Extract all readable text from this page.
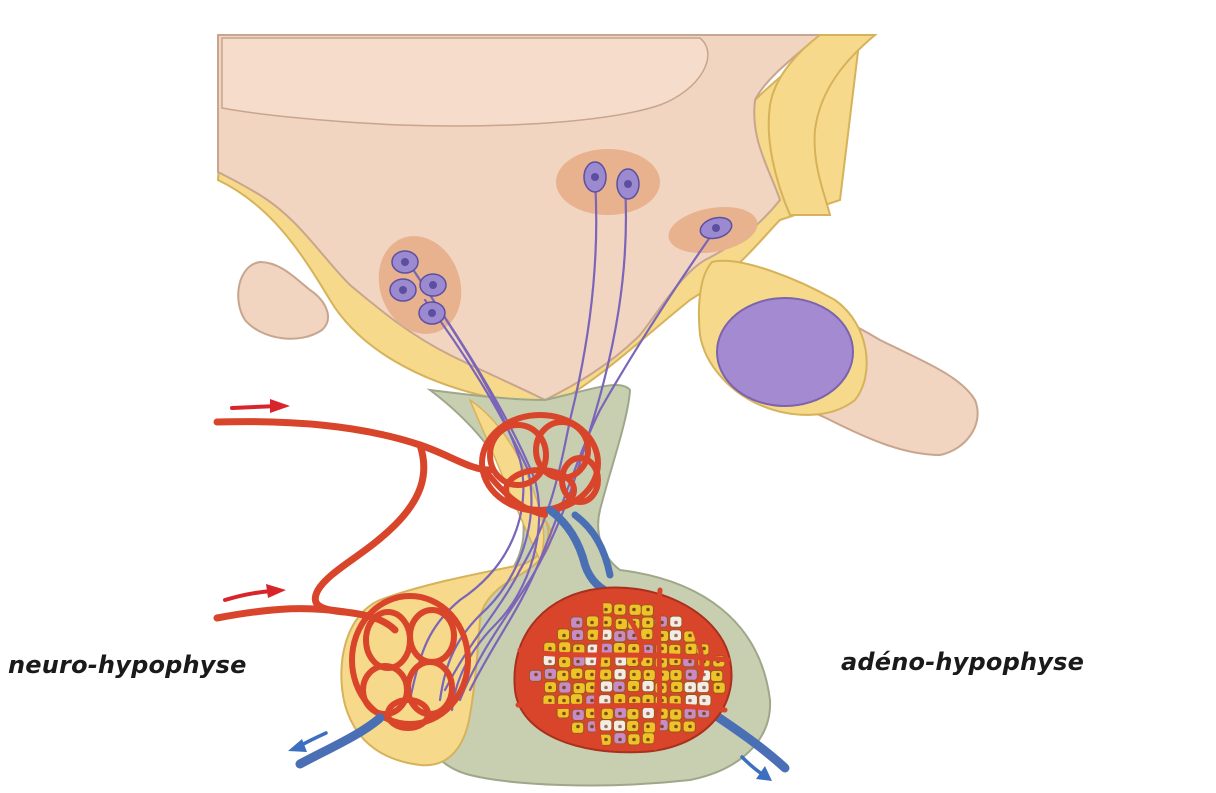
neuro-hypophyse	adéno-hypophyse
